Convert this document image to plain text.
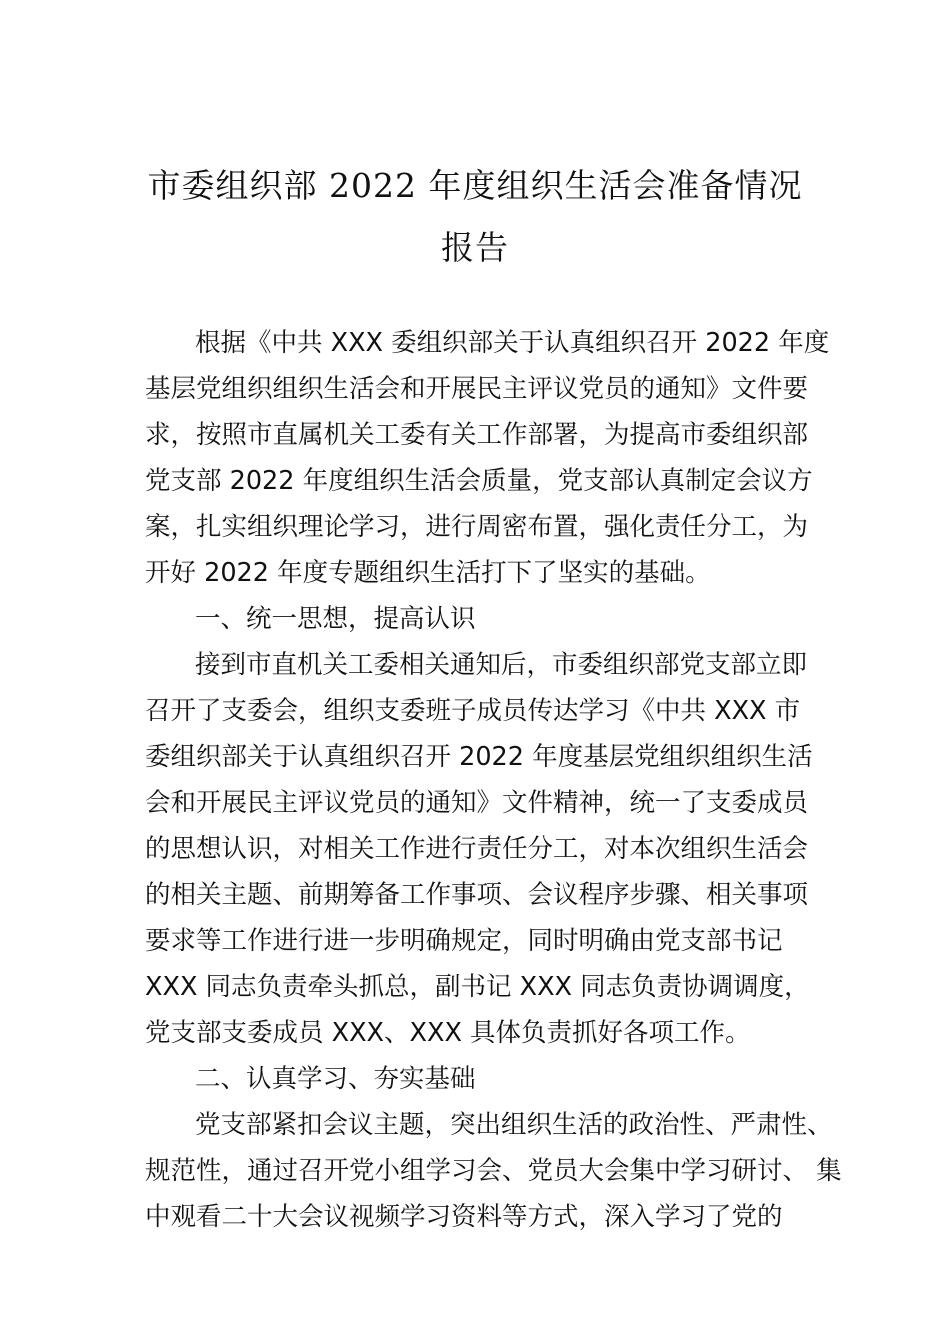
市委组织部 2022 年度组织生活会准备情况
报告
根据《中共 XXX 委组织部关于认真组织召开 2022 年度
基层党组织组织生活会和开展民主评议党员的通知》文件要
求，按照市直属机关工委有关工作部署，为提高市委组织部
党支部 2022 年度组织生活会质量，党支部认真制定会议方
案，扎实组织理论学习，进行周密布置，强化责任分工，为
开好 2022 年度专题组织生活打下了坚实的基础。
一、统一思想，提高认识
接到市直机关工委相关通知后，市委组织部党支部立即
召开了支委会，组织支委班子成员传达学习《中共 XXX 市
委组织部关于认真组织召开 2022 年度基层党组织组织生活
会和开展民主评议党员的通知》文件精神，统一了支委成员
的思想认识，对相关工作进行责任分工，对本次组织生活会
的相关主题、前期筹备工作事项、会议程序步骤、相关事项
要求等工作进行进一步明确规定，同时明确由党支部书记
XXX 同志负责牵头抓总，副书记 XXX 同志负责协调调度，
党支部支委成员 XXX、XXX 具体负责抓好各项工作。
二、认真学习、夯实基础
党支部紧扣会议主题，突出组织生活的政治性、严肃性、
规范性，通过召开党小组学习会、党员大会集中学习研讨、 集
中观看二十大会议视频学习资料等方式，深入学习了党的
